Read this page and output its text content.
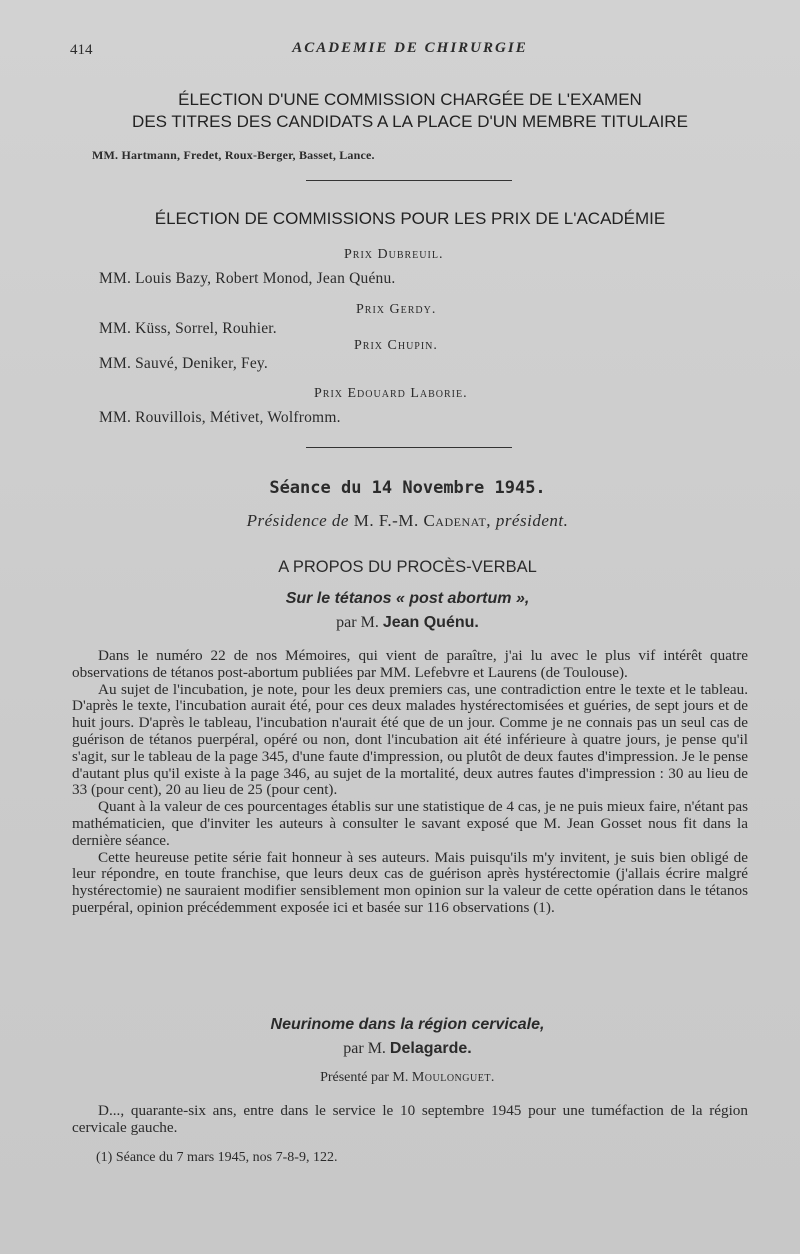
414	ACADEMIE DE CHIRURGIE
ÉLECTION D'UNE COMMISSION CHARGÉE DE L'EXAMEN
DES TITRES DES CANDIDATS A LA PLACE D'UN MEMBRE TITULAIRE
MM. Hartmann, Fredet, Roux-Berger, Basset, Lance.
ÉLECTION DE COMMISSIONS POUR LES PRIX DE L'ACADÉMIE
Prix Dubreuil.
MM. Louis Bazy, Robert Monod, Jean Quénu.
Prix Gerdy.
MM. Küss, Sorrel, Rouhier.
Prix Chupin.
MM. Sauvé, Deniker, Fey.
Prix Edouard Laborie.
MM. Rouvillois, Métivet, Wolfromm.
Séance du 14 Novembre 1945.
Présidence de M. F.-M. Cadenat, président.
A PROPOS DU PROCÈS-VERBAL
Sur le tétanos « post abortum »,
par M. Jean Quénu.

Dans le numéro 22 de nos Mémoires, qui vient de paraître, j'ai lu avec le plus vif intérêt quatre observations de tétanos post-abortum publiées par MM. Lefebvre et Laurens (de Toulouse).

Au sujet de l'incubation, je note, pour les deux premiers cas, une contradiction entre le texte et le tableau. D'après le texte, l'incubation aurait été, pour ces deux malades hystérectomisées et guéries, de sept jours et de huit jours. D'après le tableau, l'incubation n'aurait été que de un jour. Comme je ne connais pas un seul cas de guérison de tétanos puerpéral, opéré ou non, dont l'incubation ait été inférieure à quatre jours, je pense qu'il s'agit, sur le tableau de la page 345, d'une faute d'impression, ou plutôt de deux fautes d'impression. Je le pense d'autant plus qu'il existe à la page 346, au sujet de la mortalité, deux autres fautes d'impression : 30 au lieu de 33 (pour cent), 20 au lieu de 25 (pour cent).

Quant à la valeur de ces pourcentages établis sur une statistique de 4 cas, je ne puis mieux faire, n'étant pas mathématicien, que d'inviter les auteurs à consulter le savant exposé que M. Jean Gosset nous fit dans la dernière séance.

Cette heureuse petite série fait honneur à ses auteurs. Mais puisqu'ils m'y invitent, je suis bien obligé de leur répondre, en toute franchise, que leurs deux cas de guérison après hystérectomie (j'allais écrire malgré hystérectomie) ne sauraient modifier sensiblement mon opinion sur la valeur de cette opération dans le tétanos puerpéral, opinion précédemment exposée ici et basée sur 116 observations (1).

Neurinome dans la région cervicale,
par M. Delagarde.
Présenté par M. Moulonguet.

D..., quarante-six ans, entre dans le service le 10 septembre 1945 pour une tuméfaction de la région cervicale gauche.

(1) Séance du 7 mars 1945, nos 7-8-9, 122.
